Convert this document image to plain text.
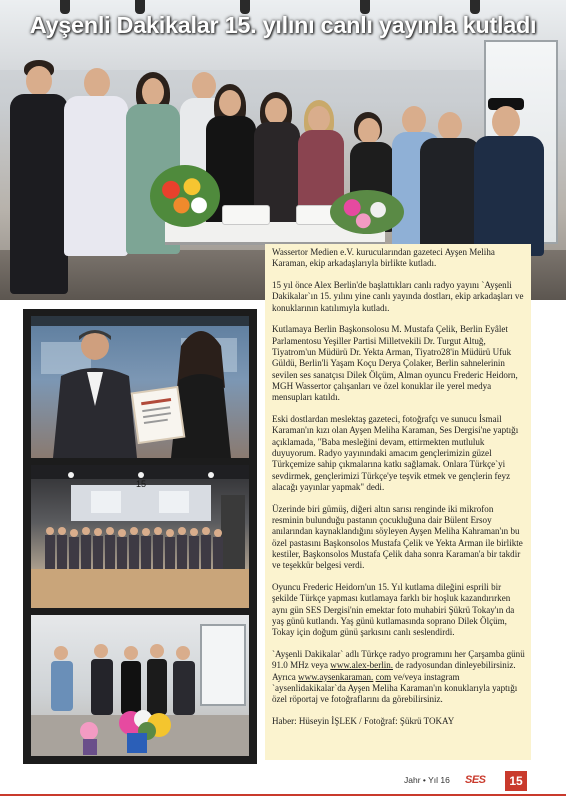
Ayşenli Dakikalar 15. yılını canlı yayınla kutladı
15

Wassertor Medien e.V. kurucularından gazeteci Ayşen Meliha Karaman, ekip arkadaşlarıyla birlikte kutladı.

15 yıl önce Alex Berlin'de başlattıkları canlı radyo yayını `Ayşenli Dakikalar`ın 15. yılını yine canlı yayında dostları, ekip arkadaşları ve konuklarının katılımıyla kutladı.

Kutlamaya Berlin Başkonsolosu M. Mustafa Çelik, Berlin Eyâlet Parlamentosu Yeşiller Partisi Milletvekili Dr. Turgut Altuğ, Tiyatrom'un Müdürü Dr. Yekta Arman, Tiyatro28'in Müdürü Ufuk Güldü, Berlin'li Yaşam Koçu Derya Çolaker, Berlin sahnelerinin sevilen ses sanatçısı Dilek Ölçüm, Alman oyuncu Frederic Heidorn, MGH Wassertor çalışanları ve özel konuklar ile yerel medya mensupları katıldı.

Eski dostlardan meslektaş gazeteci, fotoğrafçı ve sunucu İsmail Karaman'ın kızı olan Ayşen Meliha Karaman, Ses Dergisi'ne yaptığı açıklamada, "Baba mesleğini devam, ettirmekten mutluluk duyuyorum. Radyo yayınındaki amacım gençlerimizin güzel Türkçemize sahip çıkmalarına katkı sağlamak. Onlara Türkçe`yi sevdirmek, gençlerimizi Türkçe'ye teşvik etmek ve gençlerin feyz alacağı yayınlar yapmak" dedi.

Üzerinde biri gümüş, diğeri altın sarısı renginde iki mikrofon resminin bulunduğu pastanın çocukluğuna dair Bülent Ersoy anılarından kaynaklandığını söyleyen Ayşen Meliha Kahraman'ın bu özel pastasını Başkonsolos Mustafa Çelik ve Yekta Arman ile birlikte kestiler, Başkonsolos Mustafa Çelik daha sonra Karaman'a bir takdir ve teşekkür belgesi verdi.

Oyuncu Frederic Heidorn'un 15. Yıl kutlama dileğini esprili bir şekilde Türkçe yapması kutlamaya farklı bir hoşluk kazandırırken aynı gün SES Dergisi'nin emektar foto muhabiri Şükrü Tokay'ın da yaş günü kutlandı. Yaş günü kutlamasında soprano Dilek Ölçüm, Tokay için doğum günü şarkısını canlı seslendirdi.

`Ayşenli Dakikalar` adlı Türkçe radyo programını her Çarşamba günü 91.0 MHz veya www.alex-berlin. de radyosundan dinleyebilirsiniz. Ayrıca www.aysenkaraman. com ve/veya instagram `aysenlidakikalar`da Ayşen Meliha Karaman'ın konuklarıyla yaptığı özel röportaj ve fotoğraflarını da görebilirsiniz.

Haber: Hüseyin İŞLEK / Fotoğraf: Şükrü TOKAY

Jahr • Yıl 16 SES	15
